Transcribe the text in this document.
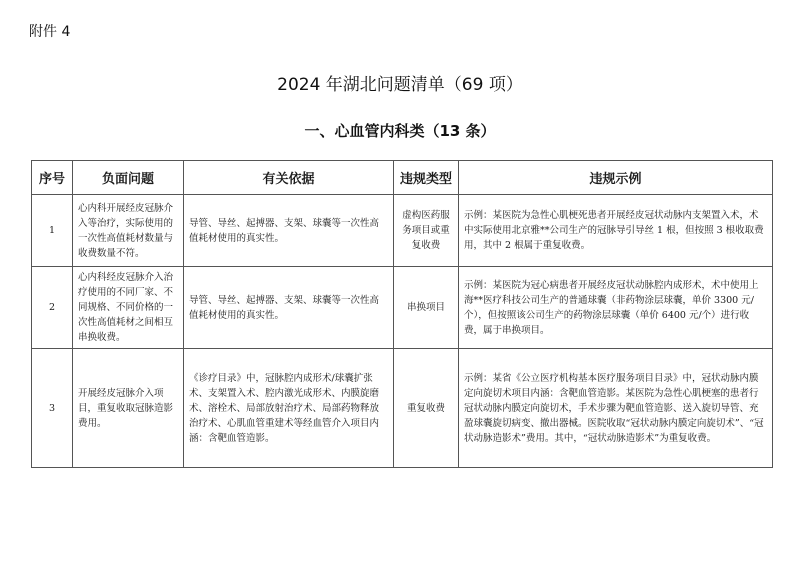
附件 4
2024 年湖北问题清单（69 项）
一、心血管内科类（13 条）
序号	负面问题	有关依据	违规类型	违规示例
1	心内科开展经皮冠脉介入等治疗，实际使用的一次性高值耗材数量与收费数量不符。	导管、导丝、起搏器、支架、球囊等一次性高值耗材使用的真实性。	虚构医药服务项目或重复收费	示例：某医院为急性心肌梗死患者开展经皮冠状动脉内支架置入术，术中实际使用北京雅**公司生产的冠脉导引导丝 1 根，但按照 3 根收取费用，其中 2 根属于重复收费。
2	心内科经皮冠脉介入治疗使用的不同厂家、不同规格、不同价格的一次性高值耗材之间相互串换收费。	导管、导丝、起搏器、支架、球囊等一次性高值耗材使用的真实性。	串换项目	示例：某医院为冠心病患者开展经皮冠状动脉腔内成形术，术中使用上海**医疗科技公司生产的普通球囊（非药物涂层球囊，单价 3300 元/个），但按照该公司生产的药物涂层球囊（单价 6400 元/个）进行收费，属于串换项目。
3	开展经皮冠脉介入项目，重复收取冠脉造影费用。	《诊疗目录》中，冠脉腔内成形术/球囊扩张术、支架置入术、腔内激光成形术、内膜旋磨术、溶栓术、局部放射治疗术、局部药物释放治疗术、心肌血管重建术等经血管介入项目内涵：含靶血管造影。	重复收费	示例：某省《公立医疗机构基本医疗服务项目目录》中，冠状动脉内膜定向旋切术项目内涵：含靶血管造影。某医院为急性心肌梗塞的患者行冠状动脉内膜定向旋切术，手术步骤为靶血管造影、送入旋切导管、充盈球囊旋切病变、撤出器械。医院收取“冠状动脉内膜定向旋切术”、“冠状动脉造影术”费用。其中，“冠状动脉造影术”为重复收费。
